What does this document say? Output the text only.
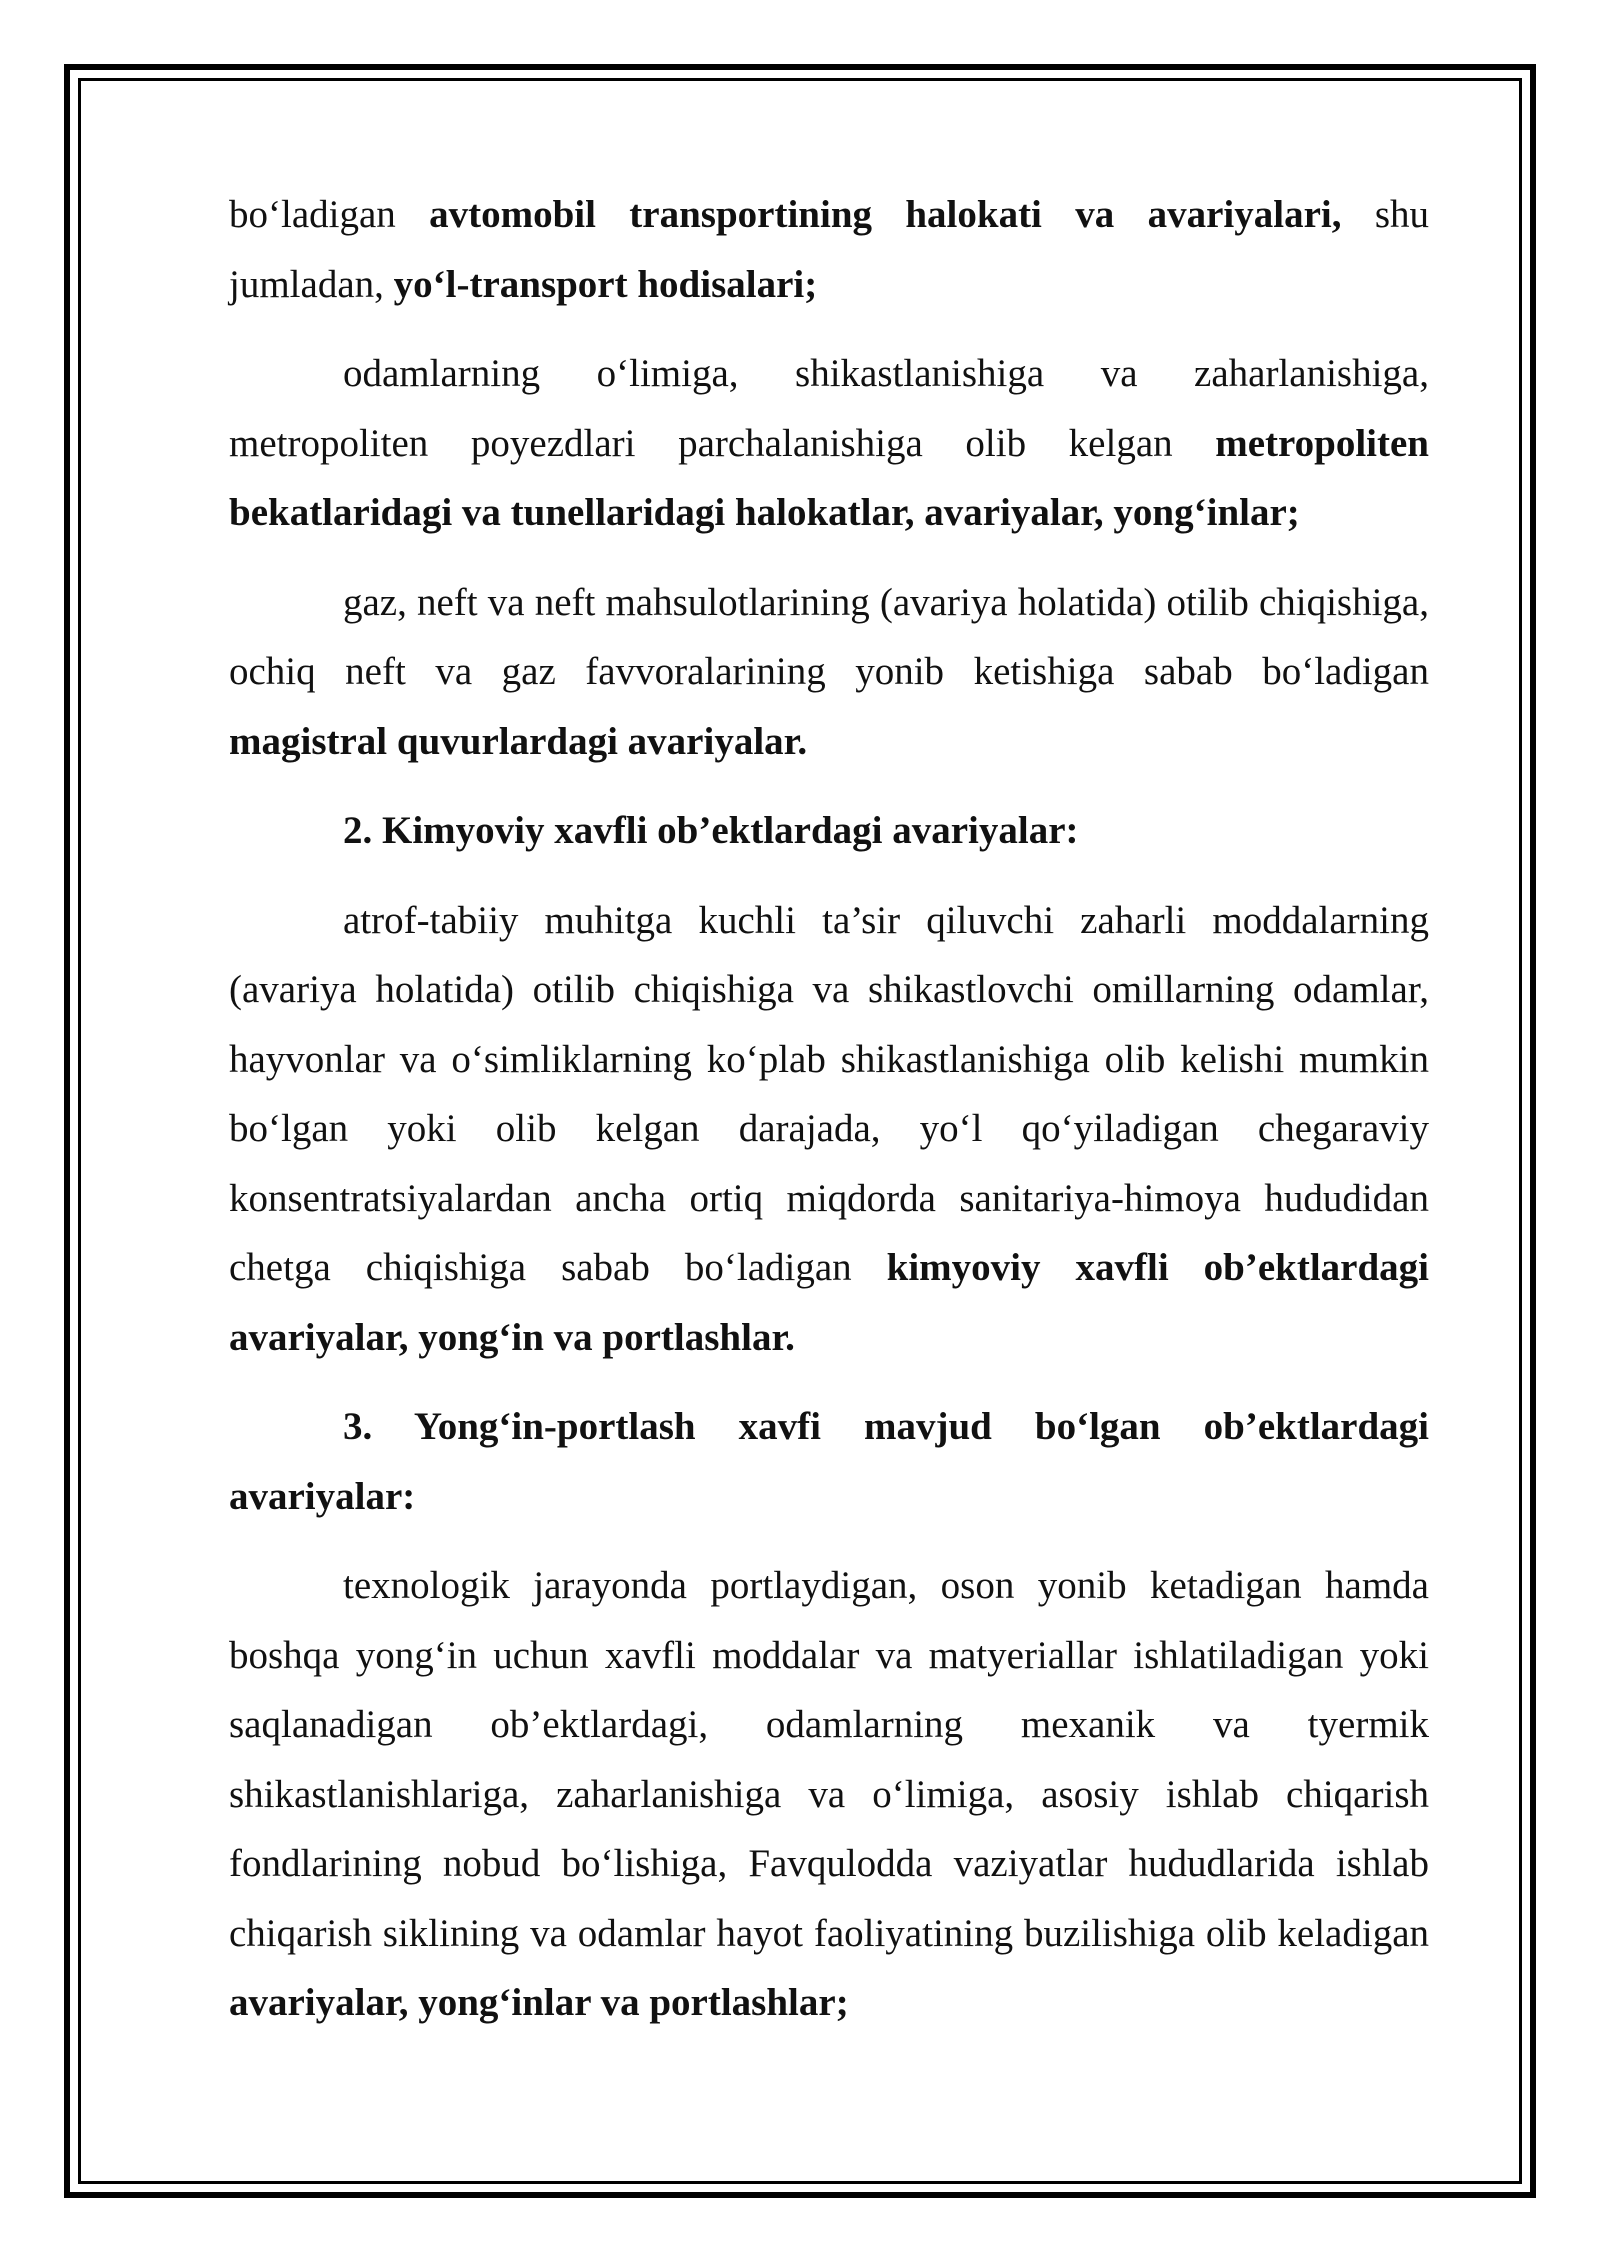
bo‘ladigan avtomobil transportining halokati va avariyalari, shu jumladan, yo‘l-transport hodisalari;

odamlarning o‘limiga, shikastlanishiga va zaharlanishiga, metropoliten poyezdlari parchalanishiga olib kelgan metropoliten bekatlaridagi va tunellaridagi halokatlar, avariyalar, yong‘inlar;

gaz, neft va neft mahsulotlarining (avariya holatida) otilib chiqishiga, ochiq neft va gaz favvoralarining yonib ketishiga sabab bo‘ladigan magistral quvurlardagi avariyalar.

2. Kimyoviy xavfli ob’ektlardagi avariyalar:

atrof-tabiiy muhitga kuchli ta’sir qiluvchi zaharli moddalarning (avariya holatida) otilib chiqishiga va shikastlovchi omillarning odamlar, hayvonlar va o‘simliklarning ko‘plab shikastlanishiga olib kelishi mumkin bo‘lgan yoki olib kelgan darajada, yo‘l qo‘yiladigan chegaraviy konsentratsiyalardan ancha ortiq miqdorda sanitariya-himoya hududidan chetga chiqishiga sabab bo‘ladigan kimyoviy xavfli ob’ektlardagi avariyalar, yong‘in va portlashlar.

3. Yong‘in-portlash xavfi mavjud bo‘lgan ob’ektlardagi avariyalar:

texnologik jarayonda portlaydigan, oson yonib ketadigan hamda boshqa yong‘in uchun xavfli moddalar va matyeriallar ishlatiladigan yoki saqlanadigan ob’ektlardagi, odamlarning mexanik va tyermik shikastlanishlariga, zaharlanishiga va o‘limiga, asosiy ishlab chiqarish fondlarining nobud bo‘lishiga, Favqulodda vaziyatlar hududlarida ishlab chiqarish siklining va odamlar hayot faoliyatining buzilishiga olib keladigan avariyalar, yong‘inlar va portlashlar;
